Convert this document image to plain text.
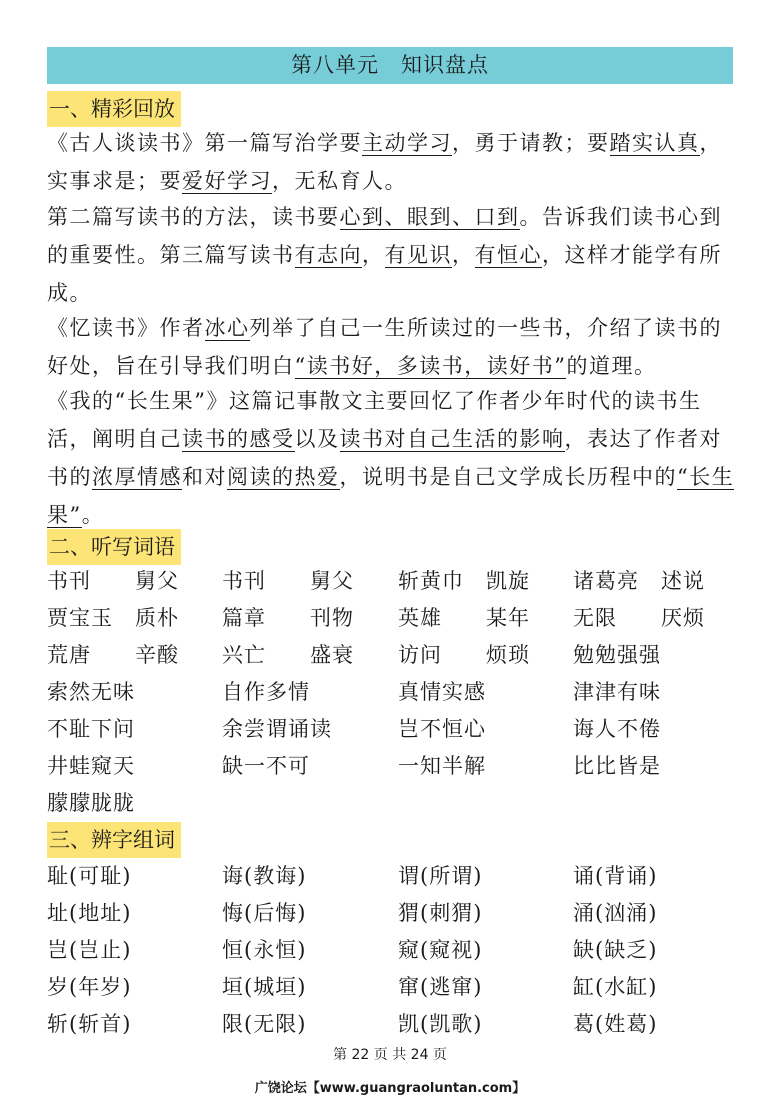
第八单元　知识盘点
一、精彩回放
《古人谈读书》第一篇写治学要主动学习，勇于请教；要踏实认真，实事求是；要爱好学习，无私育人。
第二篇写读书的方法，读书要心到、眼到、口到。告诉我们读书心到的重要性。第三篇写读书有志向，有见识，有恒心，这样才能学有所成。
《忆读书》作者冰心列举了自己一生所读过的一些书，介绍了读书的好处，旨在引导我们明白“读书好，多读书，读好书”的道理。
《我的“长生果”》这篇记事散文主要回忆了作者少年时代的读书生活，阐明自己读书的感受以及读书对自己生活的影响，表达了作者对书的浓厚情感和对阅读的热爱，说明书是自己文学成长历程中的“长生果”。
二、听写词语
书刊 舅父 书刊 舅父 斩黄巾 凯旋 诸葛亮 述说
贾宝玉 质朴 篇章 刊物 英雄 某年 无限 厌烦
荒唐 辛酸 兴亡 盛衰 访问 烦琐 勉勉强强
索然无味	自作多情	真情实感	津津有味
不耻下问	余尝谓诵读	岂不恒心	诲人不倦
井蛙窥天	缺一不可	一知半解	比比皆是
朦朦胧胧
三、辨字组词
耻(可耻)	诲(教诲)	谓(所谓)	诵(背诵)
址(地址)	悔(后悔)	猬(刺猬)	涌(汹涌)
岂(岂止)	恒(永恒)	窥(窥视)	缺(缺乏)
岁(年岁)	垣(城垣)	窜(逃窜)	缸(水缸)
斩(斩首)	限(无限)	凯(凯歌)	葛(姓葛)
第 22 页 共 24 页
广饶论坛【www.guangraoluntan.com】
